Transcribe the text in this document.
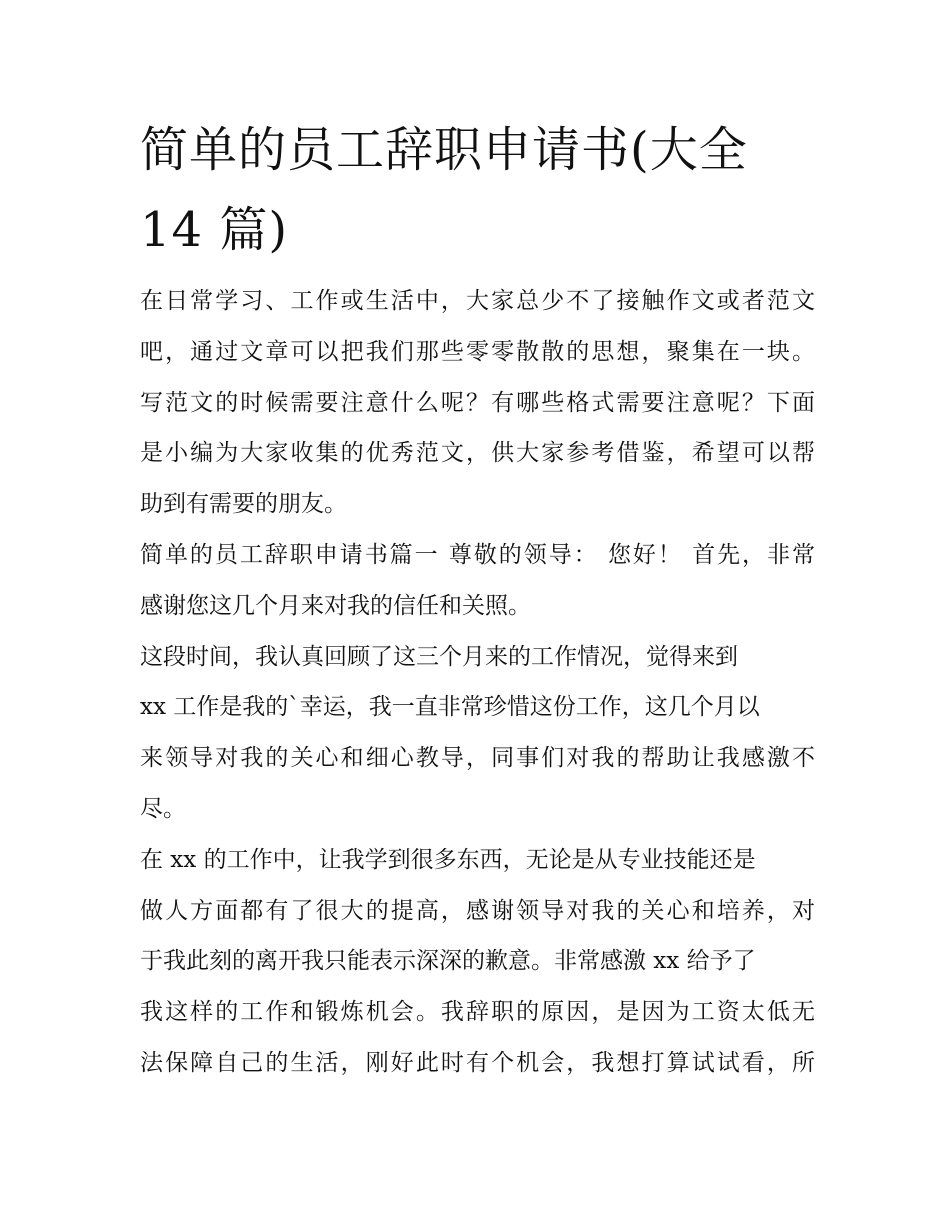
简单的员工辞职申请书(大全
14 篇)

在日常学习、工作或生活中，大家总少不了接触作文或者范文
吧，通过文章可以把我们那些零零散散的思想，聚集在一块。
写范文的时候需要注意什么呢？有哪些格式需要注意呢？下面
是小编为大家收集的优秀范文，供大家参考借鉴，希望可以帮
助到有需要的朋友。

简单的员工辞职申请书篇一 尊敬的领导： 您好！ 首先，非常
感谢您这几个月来对我的信任和关照。

这段时间，我认真回顾了这三个月来的工作情况，觉得来到
xx 工作是我的`幸运，我一直非常珍惜这份工作，这几个月以
来领导对我的关心和细心教导，同事们对我的帮助让我感激不
尽。

在 xx 的工作中，让我学到很多东西，无论是从专业技能还是
做人方面都有了很大的提高，感谢领导对我的关心和培养，对
于我此刻的离开我只能表示深深的歉意。非常感激 xx 给予了
我这样的工作和锻炼机会。我辞职的原因，是因为工资太低无
法保障自己的生活，刚好此时有个机会，我想打算试试看，所
